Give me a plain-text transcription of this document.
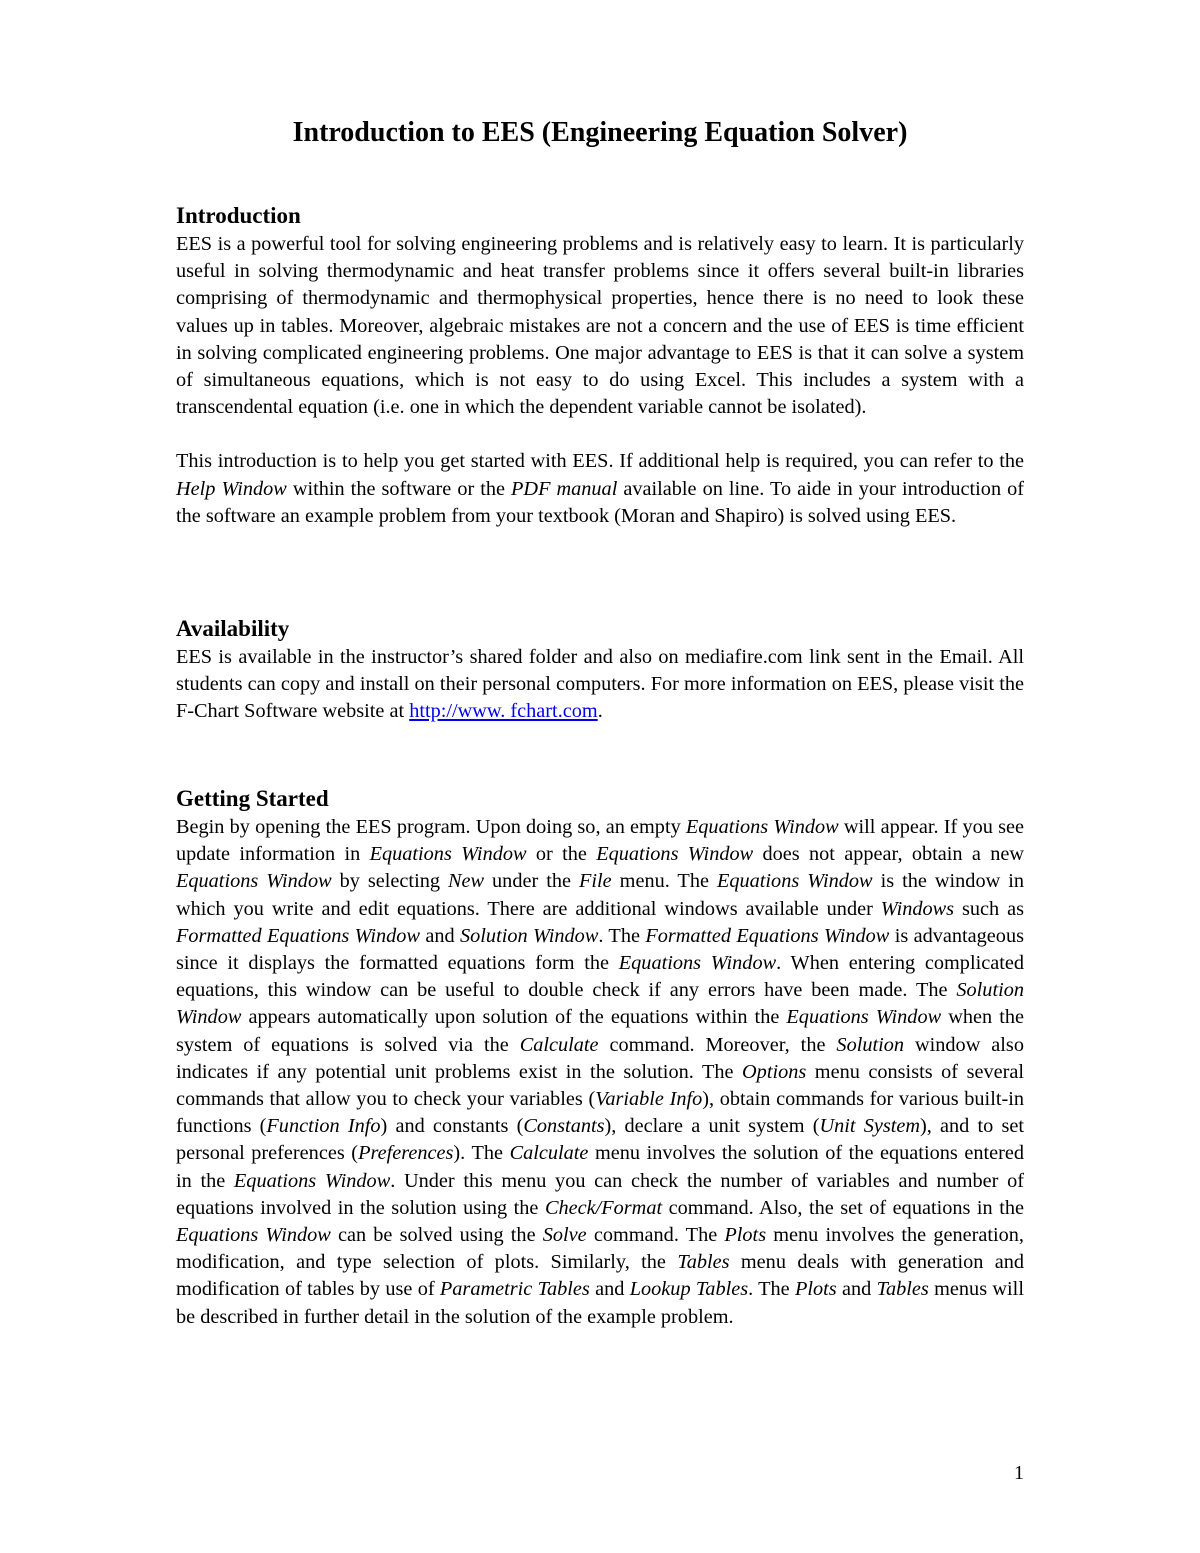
Introduction to EES (Engineering Equation Solver)
Introduction

EES is a powerful tool for solving engineering problems and is relatively easy to learn. It is particularly useful in solving thermodynamic and heat transfer problems since it offers several built-in libraries comprising of thermodynamic and thermophysical properties, hence there is no need to look these values up in tables. Moreover, algebraic mistakes are not a concern and the use of EES is time efficient in solving complicated engineering problems. One major advantage to EES is that it can solve a system of simultaneous equations, which is not easy to do using Excel. This includes a system with a transcendental equation (i.e. one in which the dependent variable cannot be isolated).

This introduction is to help you get started with EES. If additional help is required, you can refer to the Help Window within the software or the PDF manual available on line. To aide in your introduction of the software an example problem from your textbook (Moran and Shapiro) is solved using EES.

Availability

EES is available in the instructor’s shared folder and also on mediafire.com link sent in the Email. All students can copy and install on their personal computers. For more information on EES, please visit the F-Chart Software website at http://www. fchart.com.

Getting Started

Begin by opening the EES program. Upon doing so, an empty Equations Window will appear. If you see update information in Equations Window or the Equations Window does not appear, obtain a new Equations Window by selecting New under the File menu. The Equations Window is the window in which you write and edit equations. There are additional windows available under Windows such as Formatted Equations Window and Solution Window. The Formatted Equations Window is advantageous since it displays the formatted equations form the Equations Window. When entering complicated equations, this window can be useful to double check if any errors have been made. The Solution Window appears automatically upon solution of the equations within the Equations Window when the system of equations is solved via the Calculate command. Moreover, the Solution window also indicates if any potential unit problems exist in the solution. The Options menu consists of several commands that allow you to check your variables (Variable Info), obtain commands for various built-in functions (Function Info) and constants (Constants), declare a unit system (Unit System), and to set personal preferences (Preferences). The Calculate menu involves the solution of the equations entered in the Equations Window. Under this menu you can check the number of variables and number of equations involved in the solution using the Check/Format command. Also, the set of equations in the Equations Window can be solved using the Solve command. The Plots menu involves the generation, modification, and type selection of plots. Similarly, the Tables menu deals with generation and modification of tables by use of Parametric Tables and Lookup Tables. The Plots and Tables menus will be described in further detail in the solution of the example problem.

1
